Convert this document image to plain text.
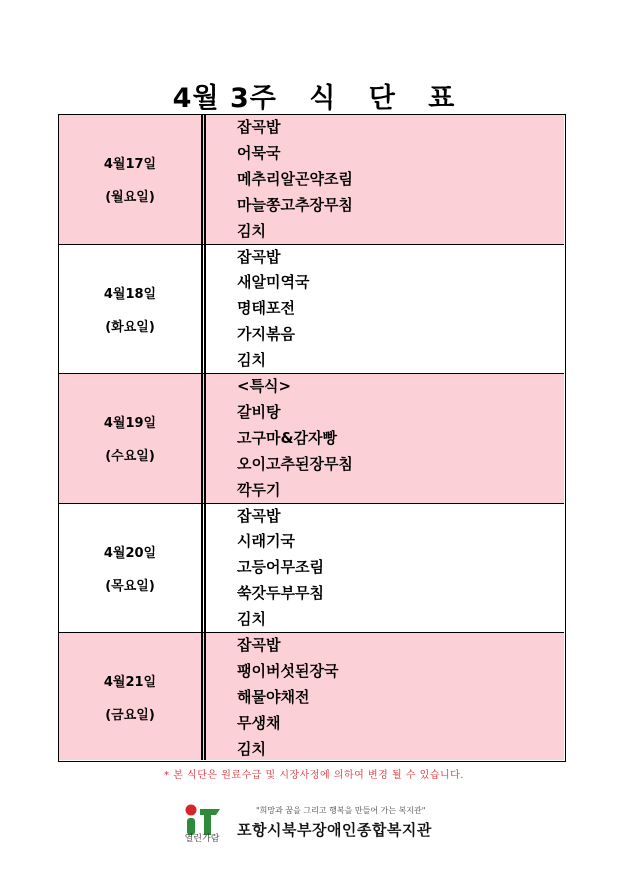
4월 3주 식 단 표
4월17일
(월요일)
잡곡밥
어묵국
메추리알곤약조림
마늘쫑고추장무침
김치
4월18일
(화요일)
잡곡밥
새알미역국
명태포전
가지볶음
김치
4월19일
(수요일)
<특식>
갈비탕
고구마&감자빵
오이고추된장무침
깍두기
4월20일
(목요일)
잡곡밥
시래기국
고등어무조림
쑥갓두부무침
김치
4월21일
(금요일)
잡곡밥
팽이버섯된장국
해물야채전
무생채
김치
* 본 식단은 원료수급 및 시장사정에 의하여 변경 될 수 있습니다.
열린가람
"희망과 꿈을 그리고 행복을 만들어 가는 복지관"
포항시북부장애인종합복지관
